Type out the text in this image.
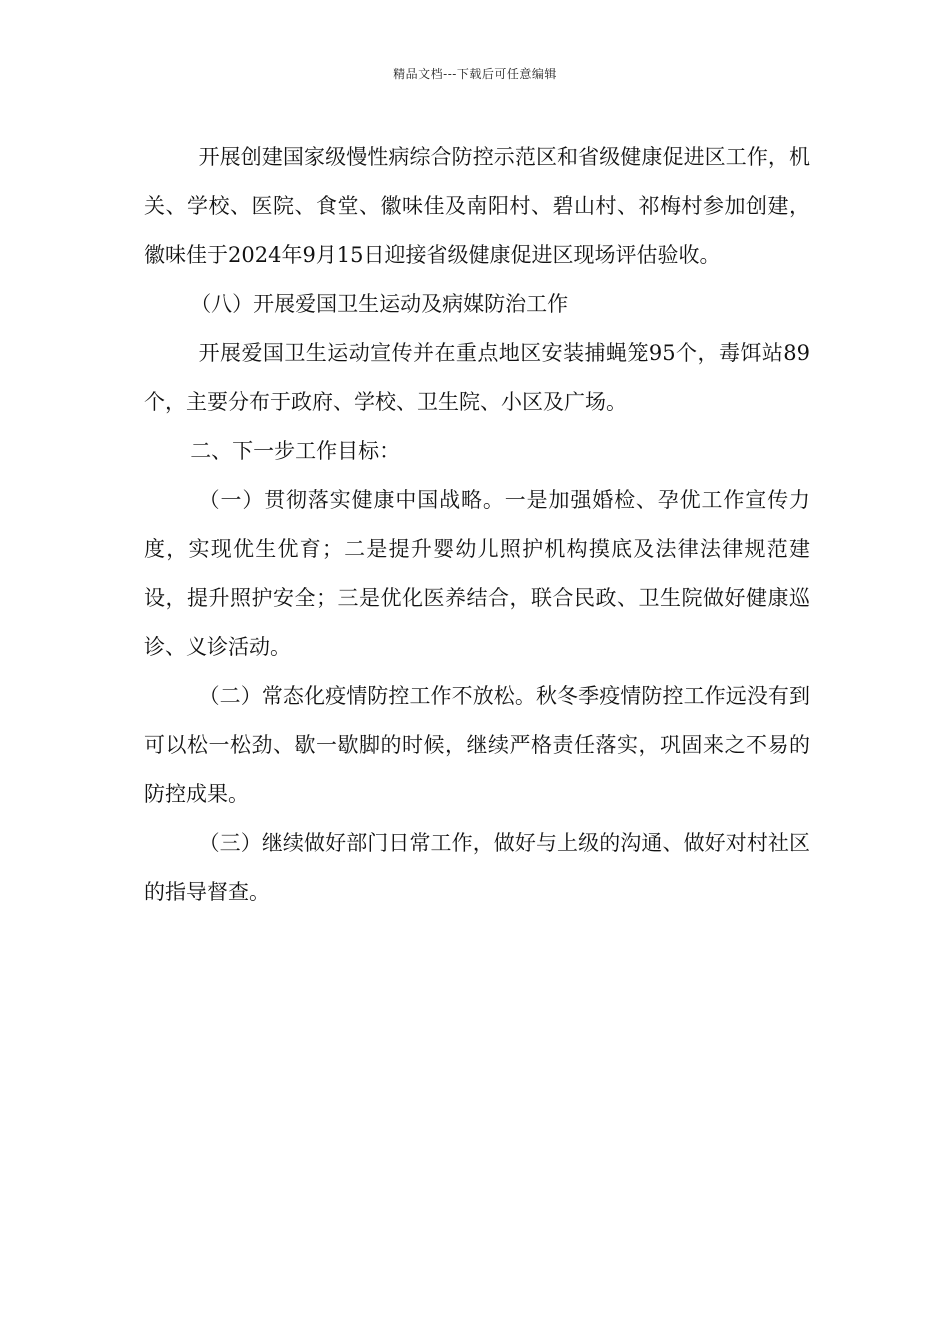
精品文档---下载后可任意编辑

开展创建国家级慢性病综合防控示范区和省级健康促进区工作，机关、学校、医院、食堂、徽味佳及南阳村、碧山村、祁梅村参加创建，徽味佳于2024年9月15日迎接省级健康促进区现场评估验收。

（八）开展爱国卫生运动及病媒防治工作

开展爱国卫生运动宣传并在重点地区安装捕蝇笼95个，毒饵站89个，主要分布于政府、学校、卫生院、小区及广场。

二、下一步工作目标：

（一）贯彻落实健康中国战略。一是加强婚检、孕优工作宣传力度，实现优生优育；二是提升婴幼儿照护机构摸底及法律法律规范建设，提升照护安全；三是优化医养结合，联合民政、卫生院做好健康巡诊、义诊活动。

（二）常态化疫情防控工作不放松。秋冬季疫情防控工作远没有到可以松一松劲、歇一歇脚的时候，继续严格责任落实，巩固来之不易的防控成果。

（三）继续做好部门日常工作，做好与上级的沟通、做好对村社区的指导督查。
